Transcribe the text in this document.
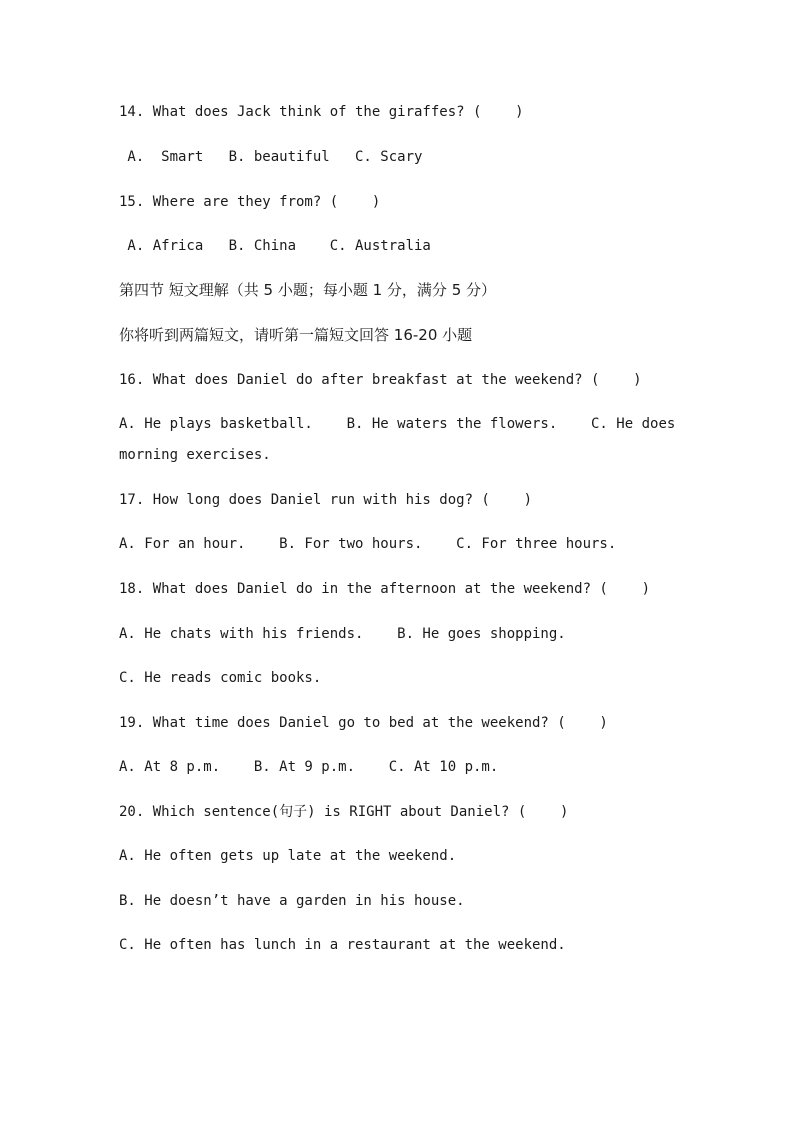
14. What does Jack think of the giraffes? (    )
A.  Smart   B. beautiful   C. Scary
15. Where are they from? (    )
A. Africa   B. China    C. Australia
第四节 短文理解（共 5 小题；每小题 1 分，满分 5 分）
你将听到两篇短文，请听第一篇短文回答 16-20 小题
16. What does Daniel do after breakfast at the weekend? (    )
A. He plays basketball.    B. He waters the flowers.    C. He does
morning exercises.
17. How long does Daniel run with his dog? (    )
A. For an hour.    B. For two hours.    C. For three hours.
18. What does Daniel do in the afternoon at the weekend? (    )
A. He chats with his friends.    B. He goes shopping.
C. He reads comic books.
19. What time does Daniel go to bed at the weekend? (    )
A. At 8 p.m.    B. At 9 p.m.    C. At 10 p.m.
20. Which sentence(句子) is RIGHT about Daniel? (    )
A. He often gets up late at the weekend.
B. He doesn’t have a garden in his house.
C. He often has lunch in a restaurant at the weekend.
